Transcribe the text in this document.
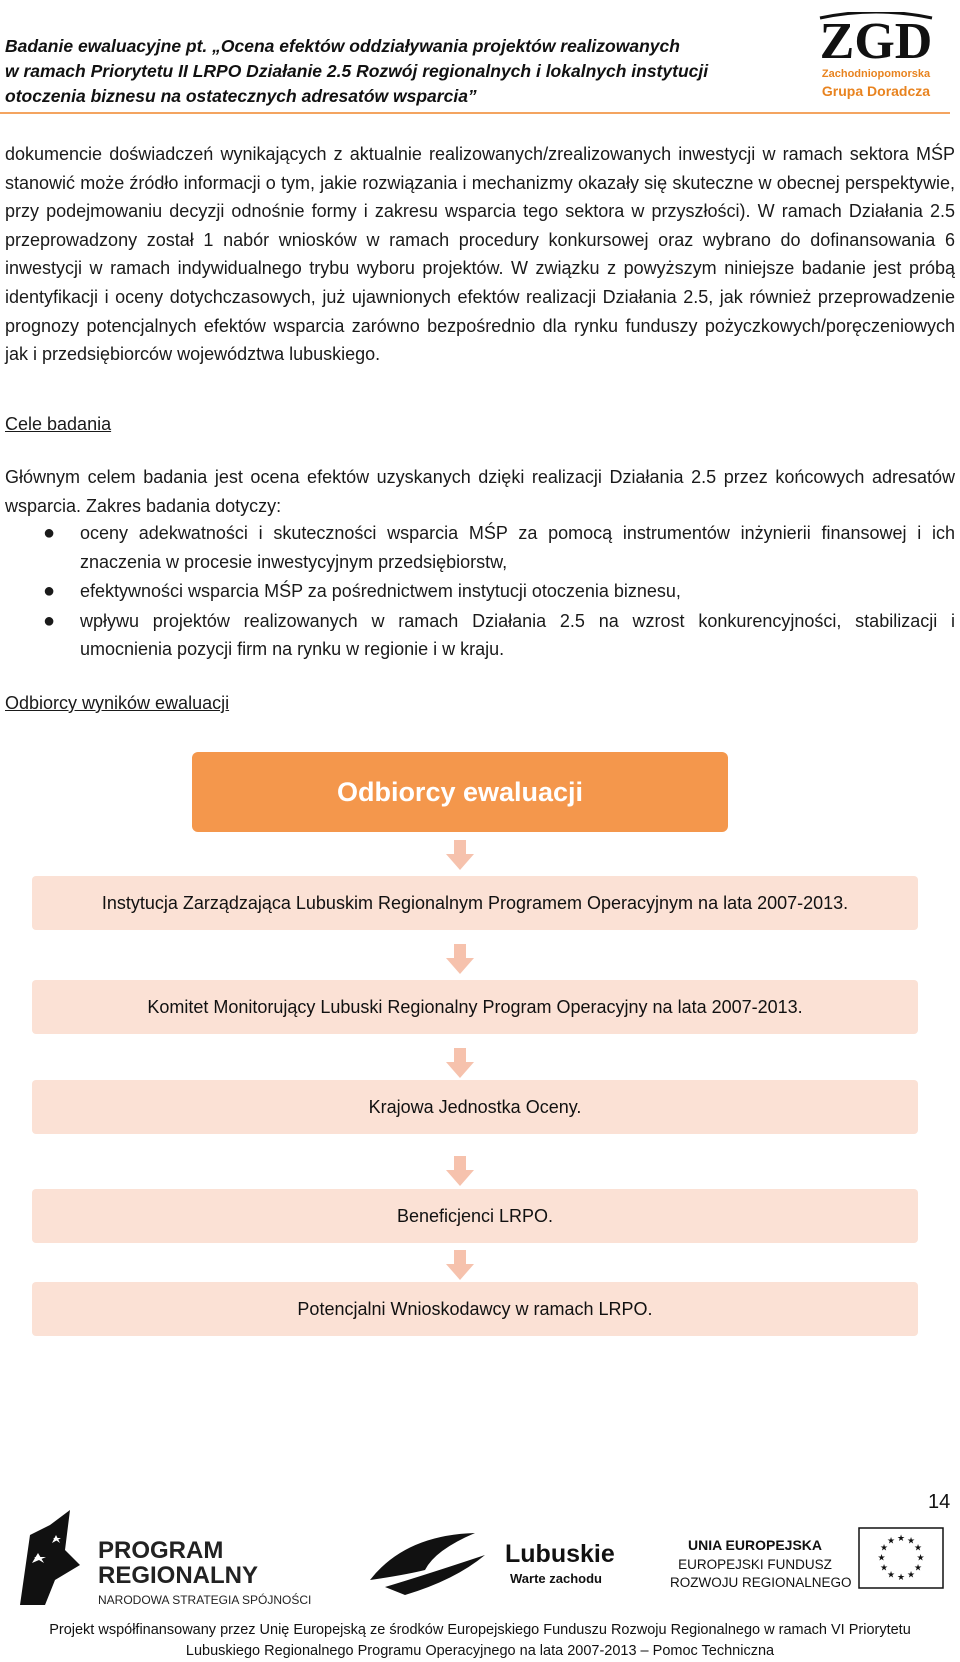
Badanie ewaluacyjne pt. „Ocena efektów oddziaływania projektów realizowanych
w ramach Priorytetu II LRPO Działanie 2.5 Rozwój regionalnych i lokalnych instytucji
otoczenia biznesu na ostatecznych adresatów wsparcia”
ZGD
Zachodniopomorska
Grupa Doradcza
dokumencie doświadczeń wynikających z aktualnie realizowanych/zrealizowanych inwestycji w ramach sektora MŚP stanowić może źródło informacji o tym, jakie rozwiązania i mechanizmy okazały się skuteczne w obecnej perspektywie, przy podejmowaniu decyzji odnośnie formy i zakresu wsparcia tego sektora w przyszłości). W ramach Działania 2.5 przeprowadzony został 1 nabór wniosków w ramach procedury konkursowej oraz wybrano do dofinansowania 6 inwestycji w ramach indywidualnego trybu wyboru projektów. W związku z powyższym niniejsze badanie jest próbą identyfikacji i oceny dotychczasowych, już ujawnionych efektów realizacji Działania 2.5, jak również przeprowadzenie prognozy potencjalnych efektów wsparcia zarówno bezpośrednio dla rynku funduszy pożyczkowych/poręczeniowych jak i przedsiębiorców województwa lubuskiego.
Cele badania
Głównym celem badania jest ocena efektów uzyskanych dzięki realizacji Działania 2.5 przez końcowych adresatów wsparcia. Zakres badania dotyczy:
● oceny adekwatności i skuteczności wsparcia MŚP za pomocą instrumentów inżynierii finansowej i ich znaczenia w procesie inwestycyjnym przedsiębiorstw,
● efektywności wsparcia MŚP za pośrednictwem instytucji otoczenia biznesu,
● wpływu projektów realizowanych w ramach Działania 2.5 na wzrost konkurencyjności, stabilizacji i umocnienia pozycji firm na rynku w regionie i w kraju.
Odbiorcy wyników ewaluacji
Odbiorcy ewaluacji
Instytucja Zarządzająca Lubuskim Regionalnym Programem Operacyjnym na lata 2007-2013.
Komitet Monitorujący Lubuski Regionalny Program Operacyjny na lata 2007-2013.
Krajowa Jednostka Oceny.
Beneficjenci LRPO.
Potencjalni Wnioskodawcy w ramach LRPO.
14
PROGRAM
REGIONALNY
NARODOWA STRATEGIA SPÓJNOŚCI
Lubuskie
Warte zachodu
UNIA EUROPEJSKA
EUROPEJSKI FUNDUSZ
ROZWOJU REGIONALNEGO
★ ★
★
★
★
★
★
★
★
★
★
★
Projekt współfinansowany przez Unię Europejską ze środków Europejskiego Funduszu Rozwoju Regionalnego w ramach VI Priorytetu
Lubuskiego Regionalnego Programu Operacyjnego na lata 2007-2013 – Pomoc Techniczna
